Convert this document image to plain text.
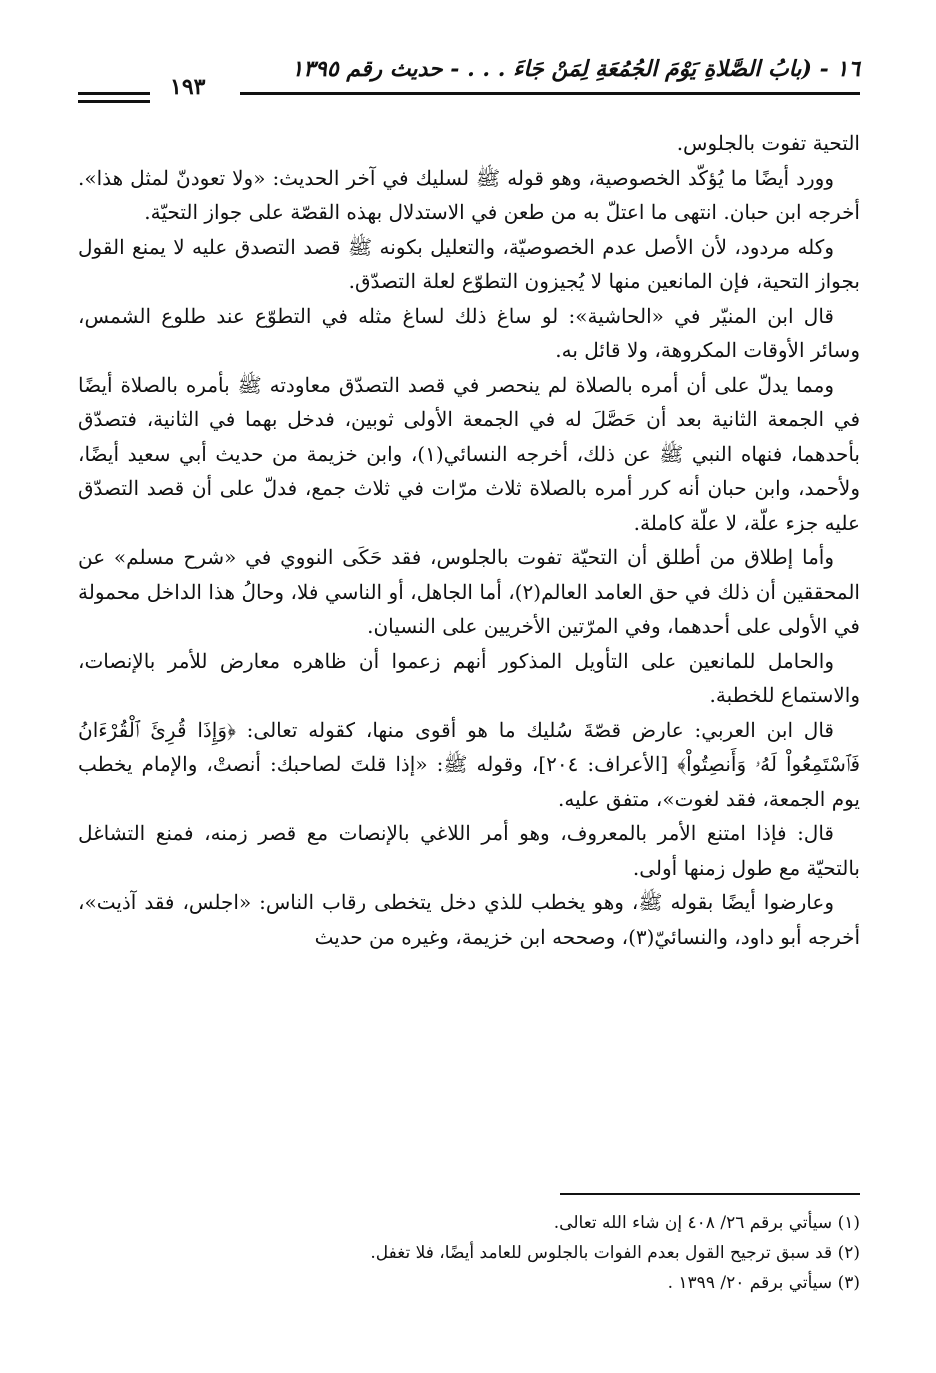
١٦ - (بابُ الصَّلاةِ يَوْمَ الجُمُعَةِ لِمَنْ جَاءَ . . . - حديث رقم ١٣٩٥
١٩٣

التحية تفوت بالجلوس.

وورد أيضًا ما يُؤكّد الخصوصية، وهو قوله ﷺ لسليك في آخر الحديث: «ولا تعودنّ لمثل هذا». أخرجه ابن حبان. انتهى ما اعتلّ به من طعن في الاستدلال بهذه القصّة على جواز التحيّة.

وكله مردود، لأن الأصل عدم الخصوصيّة، والتعليل بكونه ﷺ قصد التصدق عليه لا يمنع القول بجواز التحية، فإن المانعين منها لا يُجيزون التطوّع لعلة التصدّق.

قال ابن المنيّر في «الحاشية»: لو ساغ ذلك لساغ مثله في التطوّع عند طلوع الشمس، وسائر الأوقات المكروهة، ولا قائل به.

ومما يدلّ على أن أمره بالصلاة لم ينحصر في قصد التصدّق معاودته ﷺ بأمره بالصلاة أيضًا في الجمعة الثانية بعد أن حَصَّلَ له في الجمعة الأولى ثوبين، فدخل بهما في الثانية، فتصدّق بأحدهما، فنهاه النبي ﷺ عن ذلك، أخرجه النسائي(١)، وابن خزيمة من حديث أبي سعيد أيضًا، ولأحمد، وابن حبان أنه كرر أمره بالصلاة ثلاث مرّات في ثلاث جمع، فدلّ على أن قصد التصدّق عليه جزء علّة، لا علّة كاملة.

وأما إطلاق من أطلق أن التحيّة تفوت بالجلوس، فقد حَكَى النووي في «شرح مسلم» عن المحققين أن ذلك في حق العامد العالم(٢)، أما الجاهل، أو الناسي فلا، وحالُ هذا الداخل محمولة في الأولى على أحدهما، وفي المرّتين الأخريين على النسيان.

والحامل للمانعين على التأويل المذكور أنهم زعموا أن ظاهره معارض للأمر بالإنصات، والاستماع للخطبة.

قال ابن العربي: عارض قصّةَ سُليك ما هو أقوى منها، كقوله تعالى: ﴿وَإِذَا قُرِئَ ٱلْقُرْءَانُ فَٱسْتَمِعُواْ لَهُۥ وَأَنصِتُواْ﴾ [الأعراف: ٢٠٤]، وقوله ﷺ: «إذا قلتَ لصاحبك: أنصتْ، والإمام يخطب يوم الجمعة، فقد لغوت»، متفق عليه.

قال: فإذا امتنع الأمر بالمعروف، وهو أمر اللاغي بالإنصات مع قصر زمنه، فمنع التشاغل بالتحيّة مع طول زمنها أولى.

وعارضوا أيضًا بقوله ﷺ، وهو يخطب للذي دخل يتخطى رقاب الناس: «اجلس، فقد آذيت»، أخرجه أبو داود، والنسائيّ(٣)، وصححه ابن خزيمة، وغيره من حديث

(١) سيأتي برقم ٢٦/ ٤٠٨ إن شاء الله تعالى.

(٢) قد سبق ترجيح القول بعدم الفوات بالجلوس للعامد أيضًا، فلا تغفل.

(٣) سيأتي برقم ٢٠/ ١٣٩٩ .
